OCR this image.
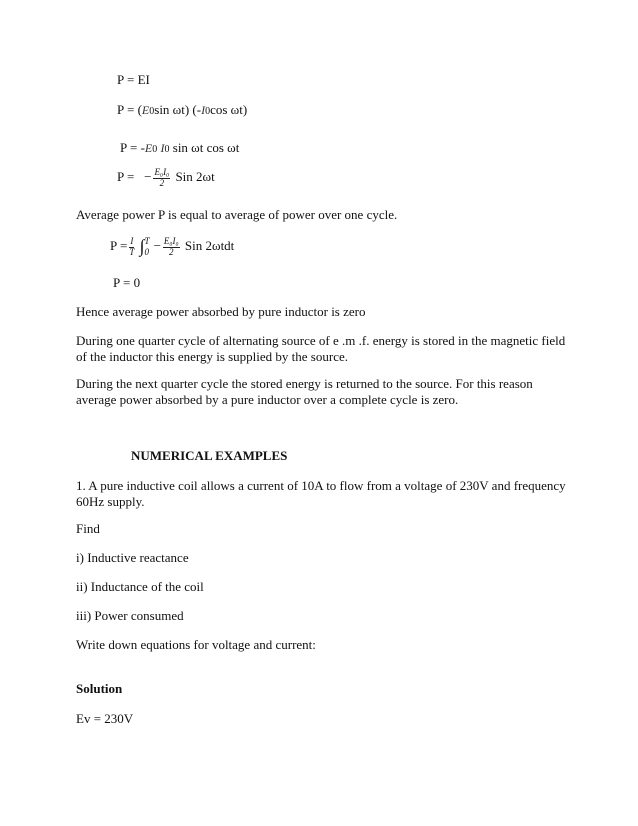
P = EI
P = (E0sin ωt) (-I0cos ωt)
P = -E0 I0 sin ωt cos ωt
P = − $\frac{\text{E₀I₀}}{2}$ Sin 2ωt
Average power P is equal to average of power over one cycle.
$P = \frac{I}{T}$ ∫ T
$0 - \frac{\text{E₀I₀}}{2}$ Sin 2ωtdt
P = 0
Hence average power absorbed by pure inductor is zero
During one quarter cycle of alternating source of e .m .f. energy is stored in the magnetic field of the inductor this energy is supplied by the source.
During the next quarter cycle the stored energy is returned to the source. For this reason average power absorbed by a pure inductor over a complete cycle is zero.
NUMERICAL EXAMPLES
1. A pure inductive coil allows a current of 10A to flow from a voltage of 230V and frequency 60Hz supply.
Find
i) Inductive reactance
ii) Inductance of the coil
iii) Power consumed
Write down equations for voltage and current:
Solution
Ev = 230V
